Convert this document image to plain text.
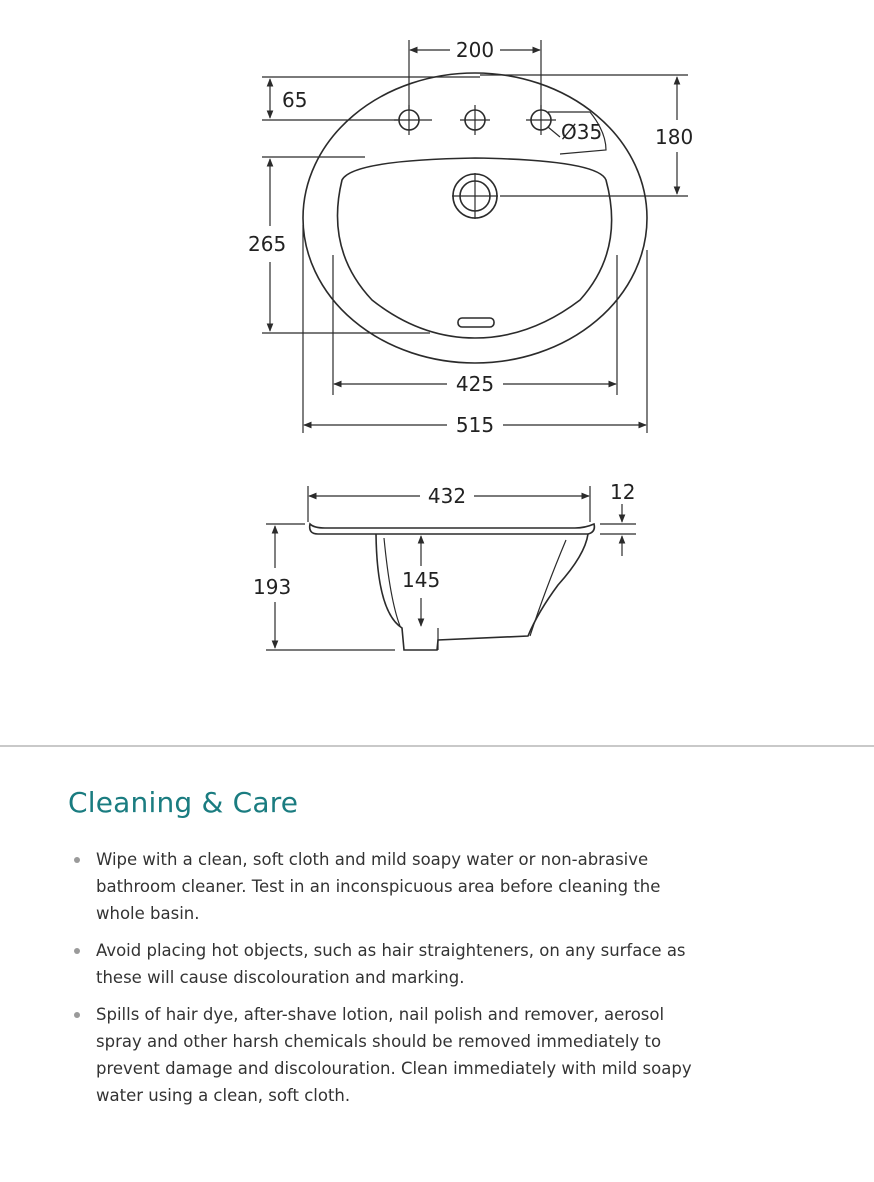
200
65
Ø35	180
265
425
515
432	12
193	145
Cleaning & Care
Wipe with a clean, soft cloth and mild soapy water or non-abrasive bathroom cleaner. Test in an inconspicuous area before cleaning the whole basin.
Avoid placing hot objects, such as hair straighteners, on any surface as these will cause discolouration and marking.
Spills of hair dye, after-shave lotion, nail polish and remover, aerosol spray and other harsh chemicals should be removed immediately to prevent damage and discolouration. Clean immediately with mild soapy water using a clean, soft cloth.
